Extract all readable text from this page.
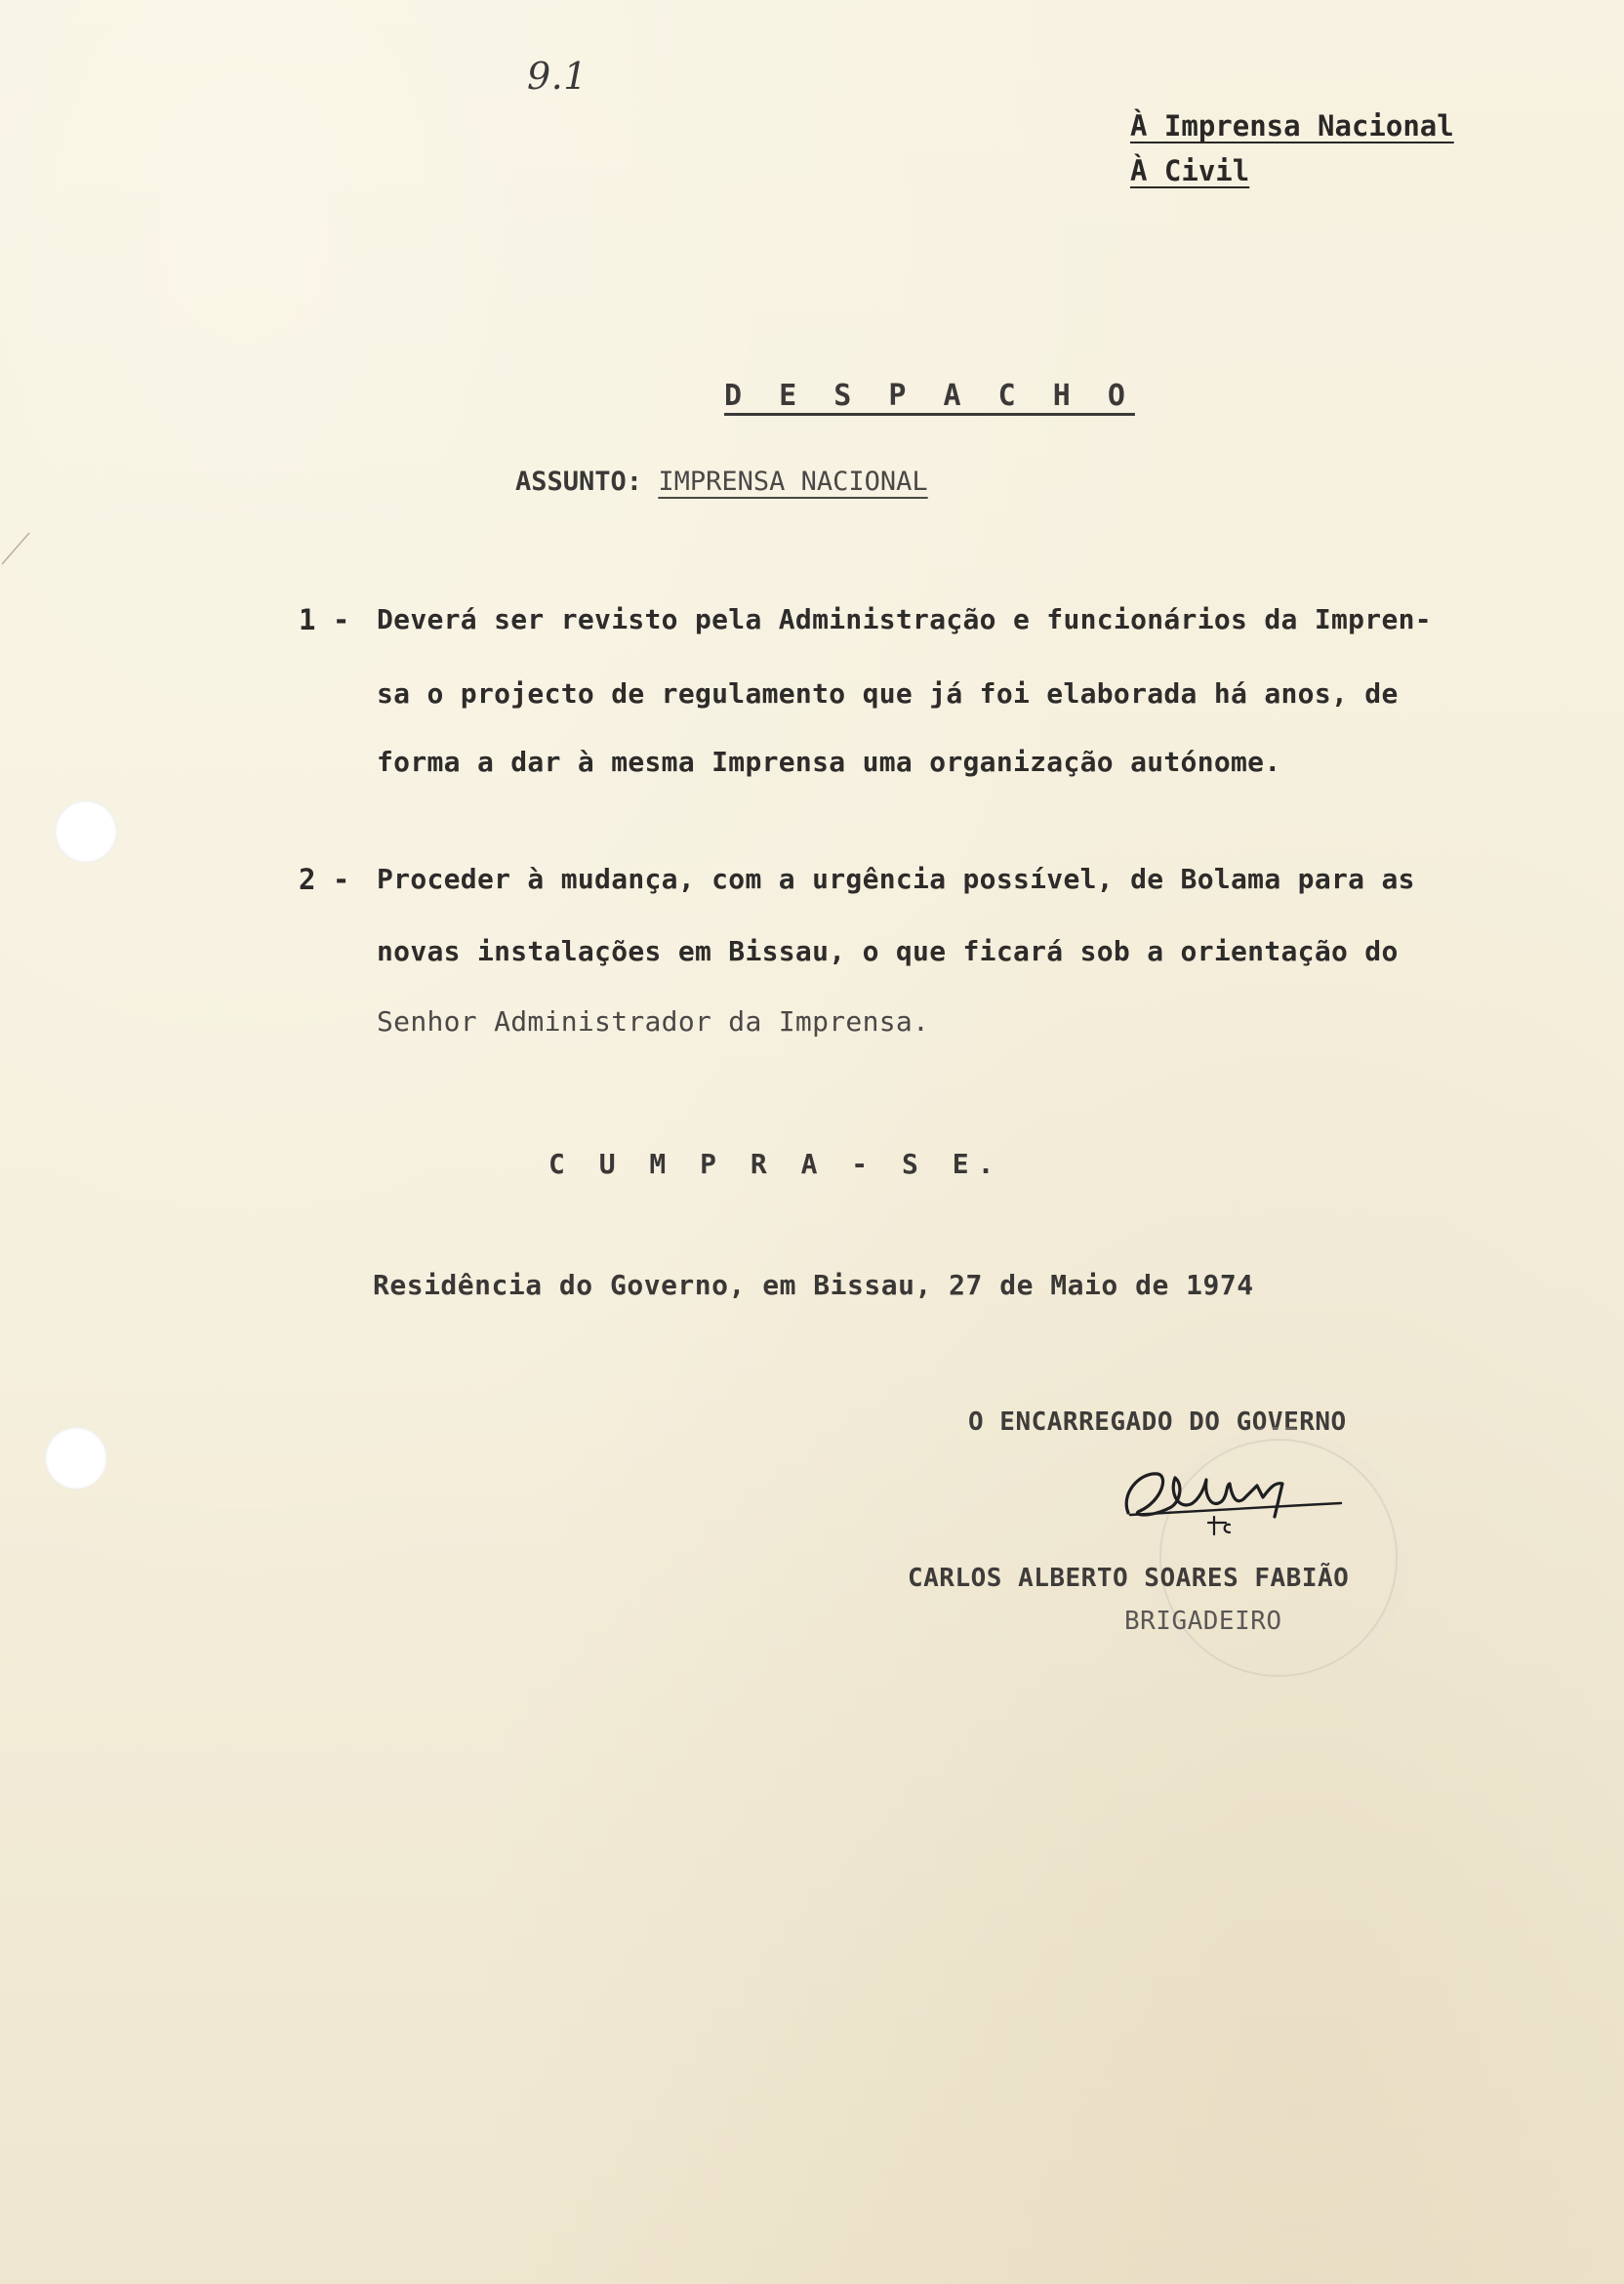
9.1
À Imprensa Nacional
À Civil
D E S P A C H O
ASSUNTO: IMPRENSA NACIONAL
1 - Deverá ser revisto pela Administração e funcionários da Impren-
sa o projecto de regulamento que já foi elaborada há anos, de
forma a dar à mesma Imprensa uma organização autónome.
2 - Proceder à mudança, com a urgência possível, de Bolama para as
novas instalações em Bissau, o que ficará sob a orientação do
Senhor Administrador da Imprensa.
C U M P R A - S E.
Residência do Governo, em Bissau, 27 de Maio de 1974
O ENCARREGADO DO GOVERNO
CARLOS ALBERTO SOARES FABIÃO
BRIGADEIRO
